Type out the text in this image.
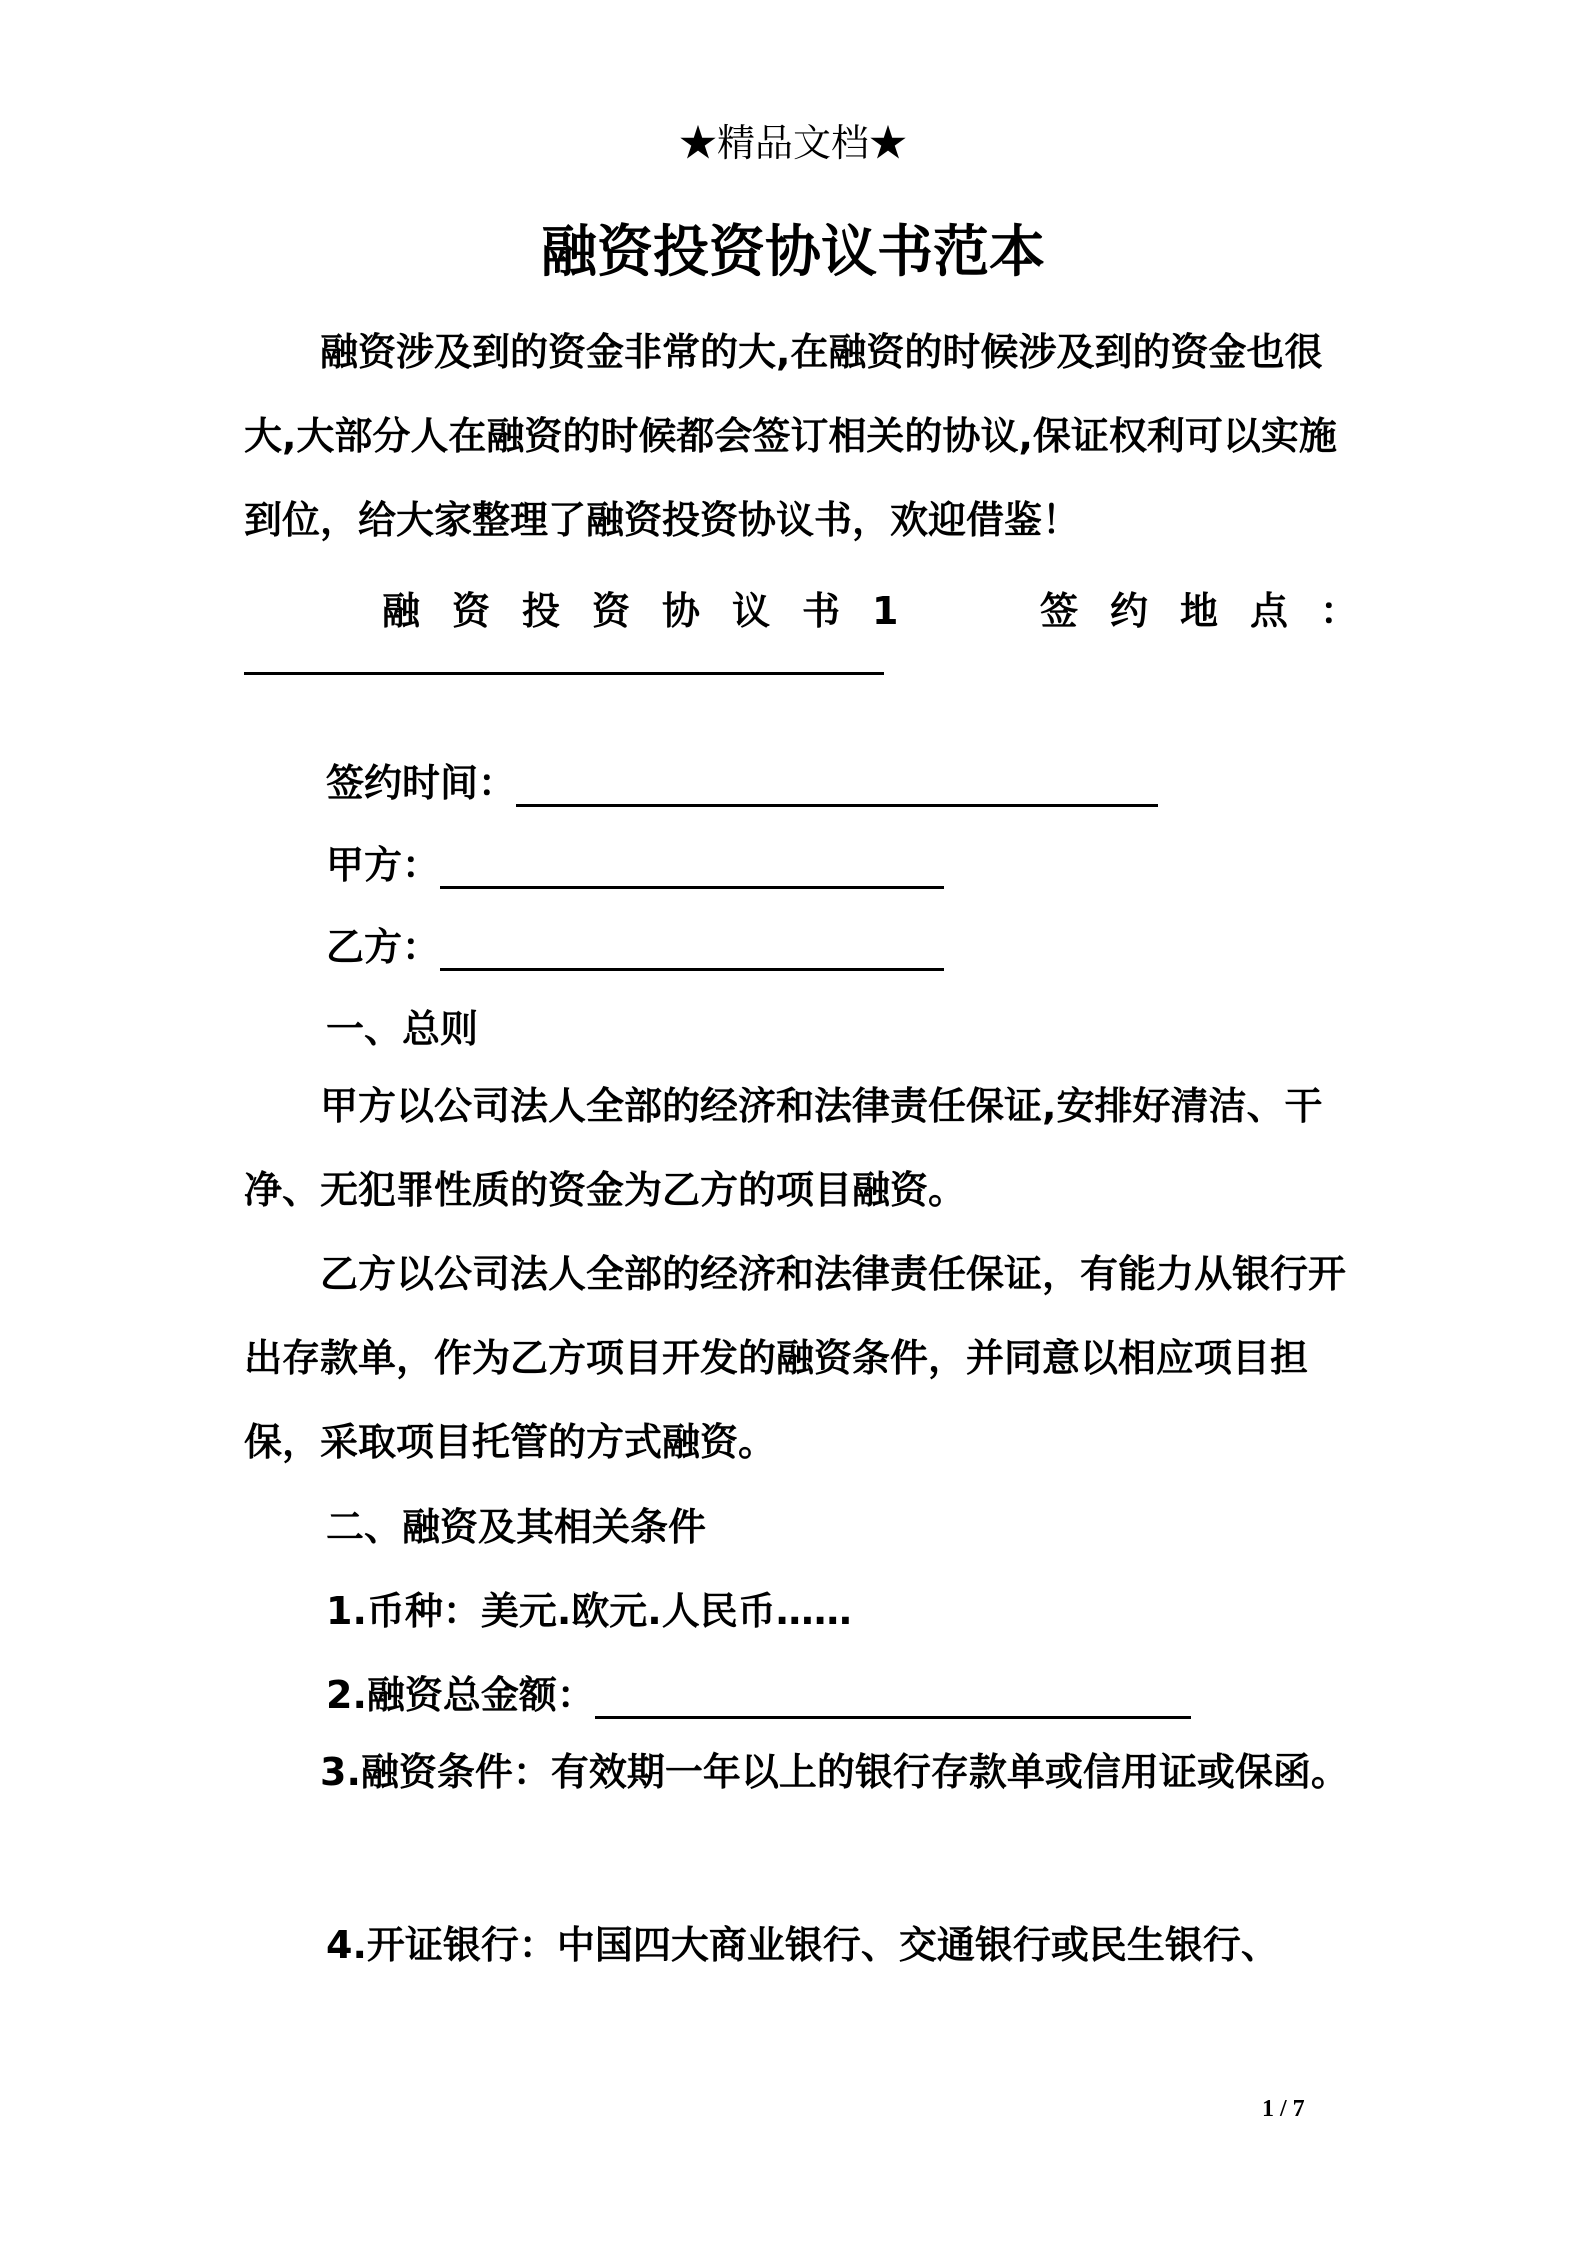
★精品文档★
融资投资协议书范本
融资涉及到的资金非常的大,在融资的时候涉及到的资金也很大,大部分人在融资的时候都会签订相关的协议,保证权利可以实施到位，给大家整理了融资投资协议书，欢迎借鉴！
融资投资协议书1	签约地点：
签约时间：
甲方：
乙方：
一、总则
甲方以公司法人全部的经济和法律责任保证,安排好清洁、干净、无犯罪性质的资金为乙方的项目融资。
乙方以公司法人全部的经济和法律责任保证，有能力从银行开出存款单，作为乙方项目开发的融资条件，并同意以相应项目担保，采取项目托管的方式融资。
二、融资及其相关条件
1.币种：美元.欧元.人民币……
2.融资总金额：
3.融资条件：有效期一年以上的银行存款单或信用证或保函。
4.开证银行：中国四大商业银行、交通银行或民生银行、
1 / 7
